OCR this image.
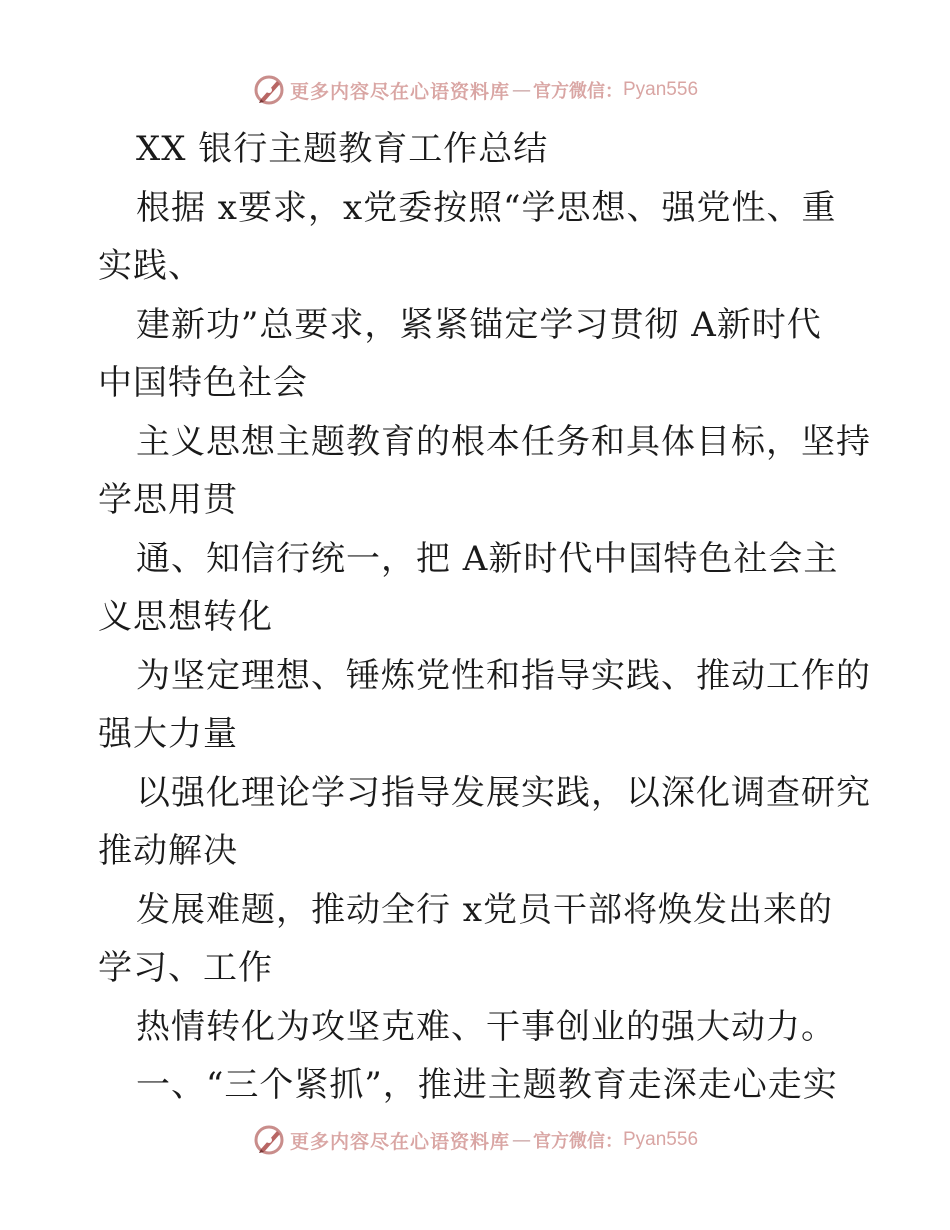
更多内容尽在心语资料库 — 官方微信： Pyan556
XX 银行主题教育工作总结
根据 x要求，x党委按照“学思想、强党性、重
实践、
建新功”总要求，紧紧锚定学习贯彻 A新时代
中国特色社会
主义思想主题教育的根本任务和具体目标，坚持
学思用贯
通、知信行统一，把 A新时代中国特色社会主
义思想转化
为坚定理想、锤炼党性和指导实践、推动工作的
强大力量
以强化理论学习指导发展实践，以深化调查研究
推动解决
发展难题，推动全行 x党员干部将焕发出来的
学习、工作
热情转化为攻坚克难、干事创业的强大动力。
一、“三个紧抓”，推进主题教育走深走心走实
更多内容尽在心语资料库 — 官方微信： Pyan556
